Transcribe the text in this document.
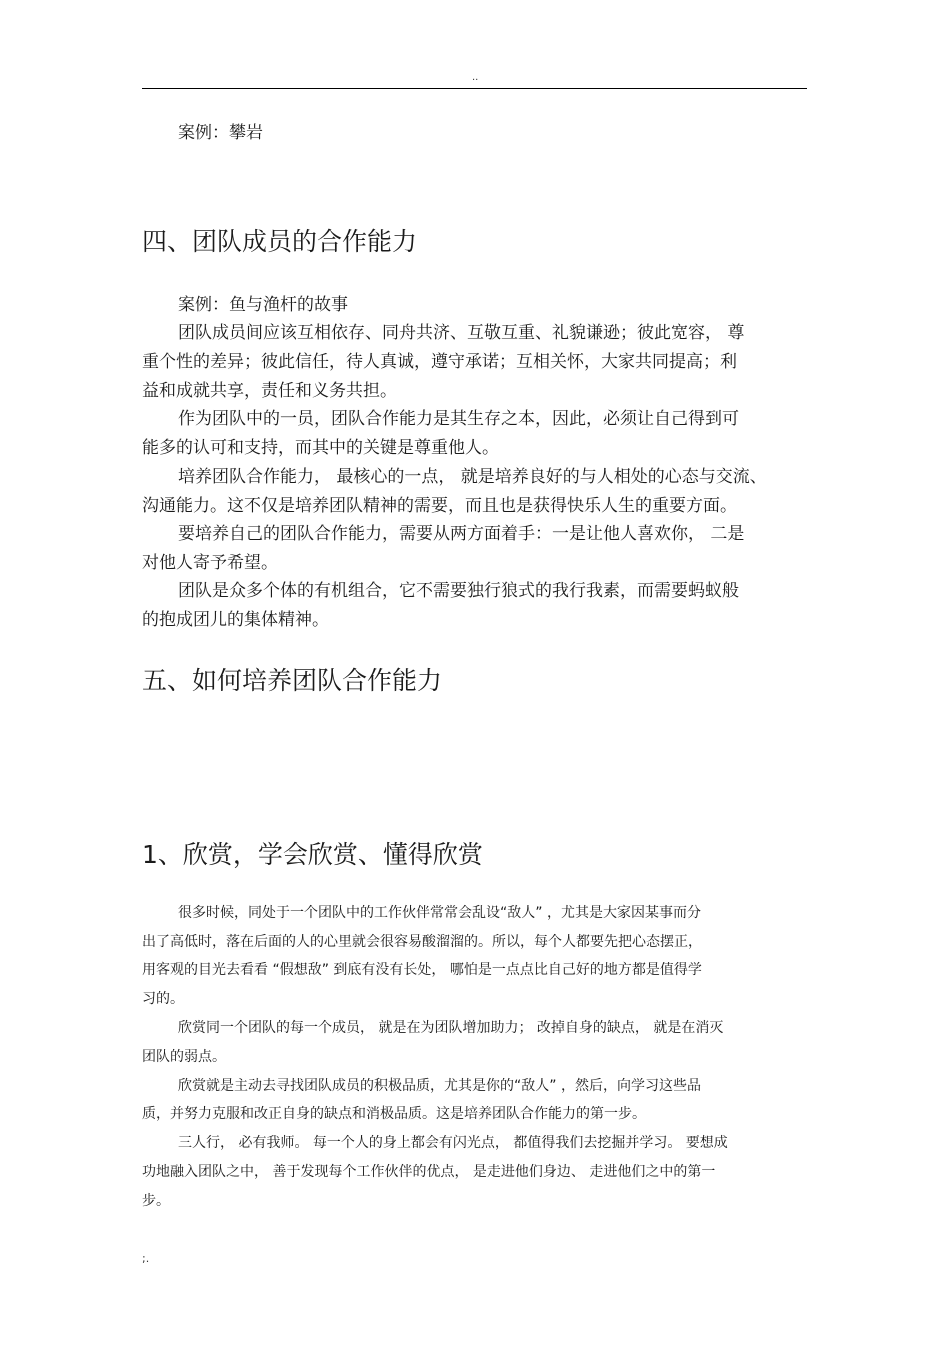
..
案例：攀岩
四、团队成员的合作能力
案例：鱼与渔杆的故事
团队成员间应该互相依存、同舟共济、互敬互重、礼貌谦逊；彼此宽容， 尊
重个性的差异；彼此信任，待人真诚，遵守承诺；互相关怀，大家共同提高；利
益和成就共享，责任和义务共担。
作为团队中的一员，团队合作能力是其生存之本，因此，必须让自己得到可
能多的认可和支持，而其中的关键是尊重他人。
培养团队合作能力， 最核心的一点， 就是培养良好的与人相处的心态与交流、
沟通能力。这不仅是培养团队精神的需要，而且也是获得快乐人生的重要方面。
要培养自己的团队合作能力，需要从两方面着手：一是让他人喜欢你， 二是
对他人寄予希望。
团队是众多个体的有机组合，它不需要独行狼式的我行我素，而需要蚂蚁般
的抱成团儿的集体精神。
五、如何培养团队合作能力
1、欣赏，学会欣赏、懂得欣赏
很多时候，同处于一个团队中的工作伙伴常常会乱设“敌人” ，尤其是大家因某事而分
出了高低时，落在后面的人的心里就会很容易酸溜溜的。所以，每个人都要先把心态摆正，
用客观的目光去看看 “假想敌” 到底有没有长处， 哪怕是一点点比自己好的地方都是值得学
习的。
欣赏同一个团队的每一个成员， 就是在为团队增加助力； 改掉自身的缺点， 就是在消灭
团队的弱点。
欣赏就是主动去寻找团队成员的积极品质，尤其是你的“敌人” ，然后，向学习这些品
质，并努力克服和改正自身的缺点和消极品质。这是培养团队合作能力的第一步。
三人行， 必有我师。 每一个人的身上都会有闪光点， 都值得我们去挖掘并学习。 要想成
功地融入团队之中， 善于发现每个工作伙伴的优点， 是走进他们身边、 走进他们之中的第一
步。
;.
